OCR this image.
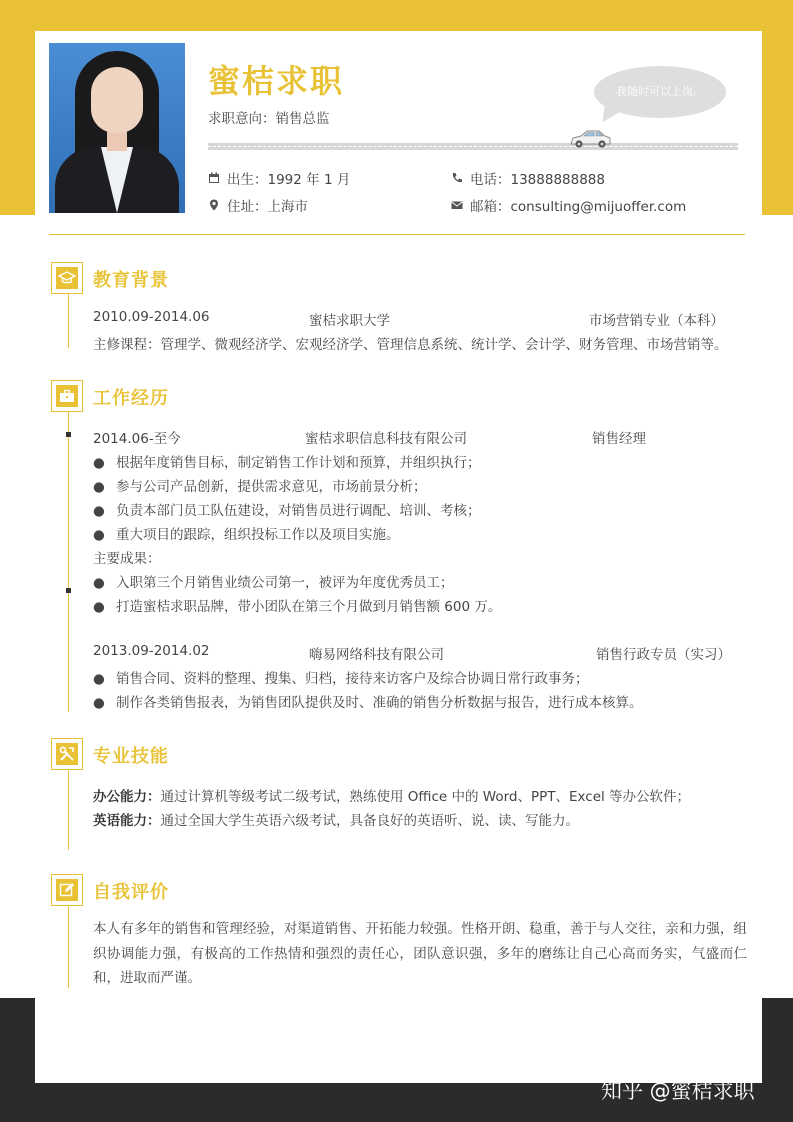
蜜桔求职
求职意向：销售总监
我随时可以上岗。
出生：1992 年 1 月	电话：13888888888
住址：上海市	邮箱：consulting@mijuoffer.com
教育背景
2010.09-2014.06	蜜桔求职大学	市场营销专业（本科）
主修课程：管理学、微观经济学、宏观经济学、管理信息系统、统计学、会计学、财务管理、市场营销等。
工作经历
2014.06-至今	蜜桔求职信息科技有限公司	销售经理
● 根据年度销售目标，制定销售工作计划和预算，并组织执行；
● 参与公司产品创新，提供需求意见，市场前景分析；
● 负责本部门员工队伍建设，对销售员进行调配、培训、考核；
● 重大项目的跟踪，组织投标工作以及项目实施。
主要成果：
● 入职第三个月销售业绩公司第一，被评为年度优秀员工；
● 打造蜜桔求职品牌，带小团队在第三个月做到月销售额 600 万。
2013.09-2014.02	嗨易网络科技有限公司	销售行政专员（实习）
● 销售合同、资料的整理、搜集、归档，接待来访客户及综合协调日常行政事务；
● 制作各类销售报表，为销售团队提供及时、准确的销售分析数据与报告，进行成本核算。
专业技能
办公能力：通过计算机等级考试二级考试，熟练使用 Office 中的 Word、PPT、Excel 等办公软件；
英语能力：通过全国大学生英语六级考试，具备良好的英语听、说、读、写能力。
自我评价
本人有多年的销售和管理经验，对渠道销售、开拓能力较强。性格开朗、稳重，善于与人交往，亲和力强，组织协调能力强，有极高的工作热情和强烈的责任心，团队意识强，多年的磨练让自己心高而务实，气盛而仁和，进取而严谨。
知乎 @蜜桔求职
